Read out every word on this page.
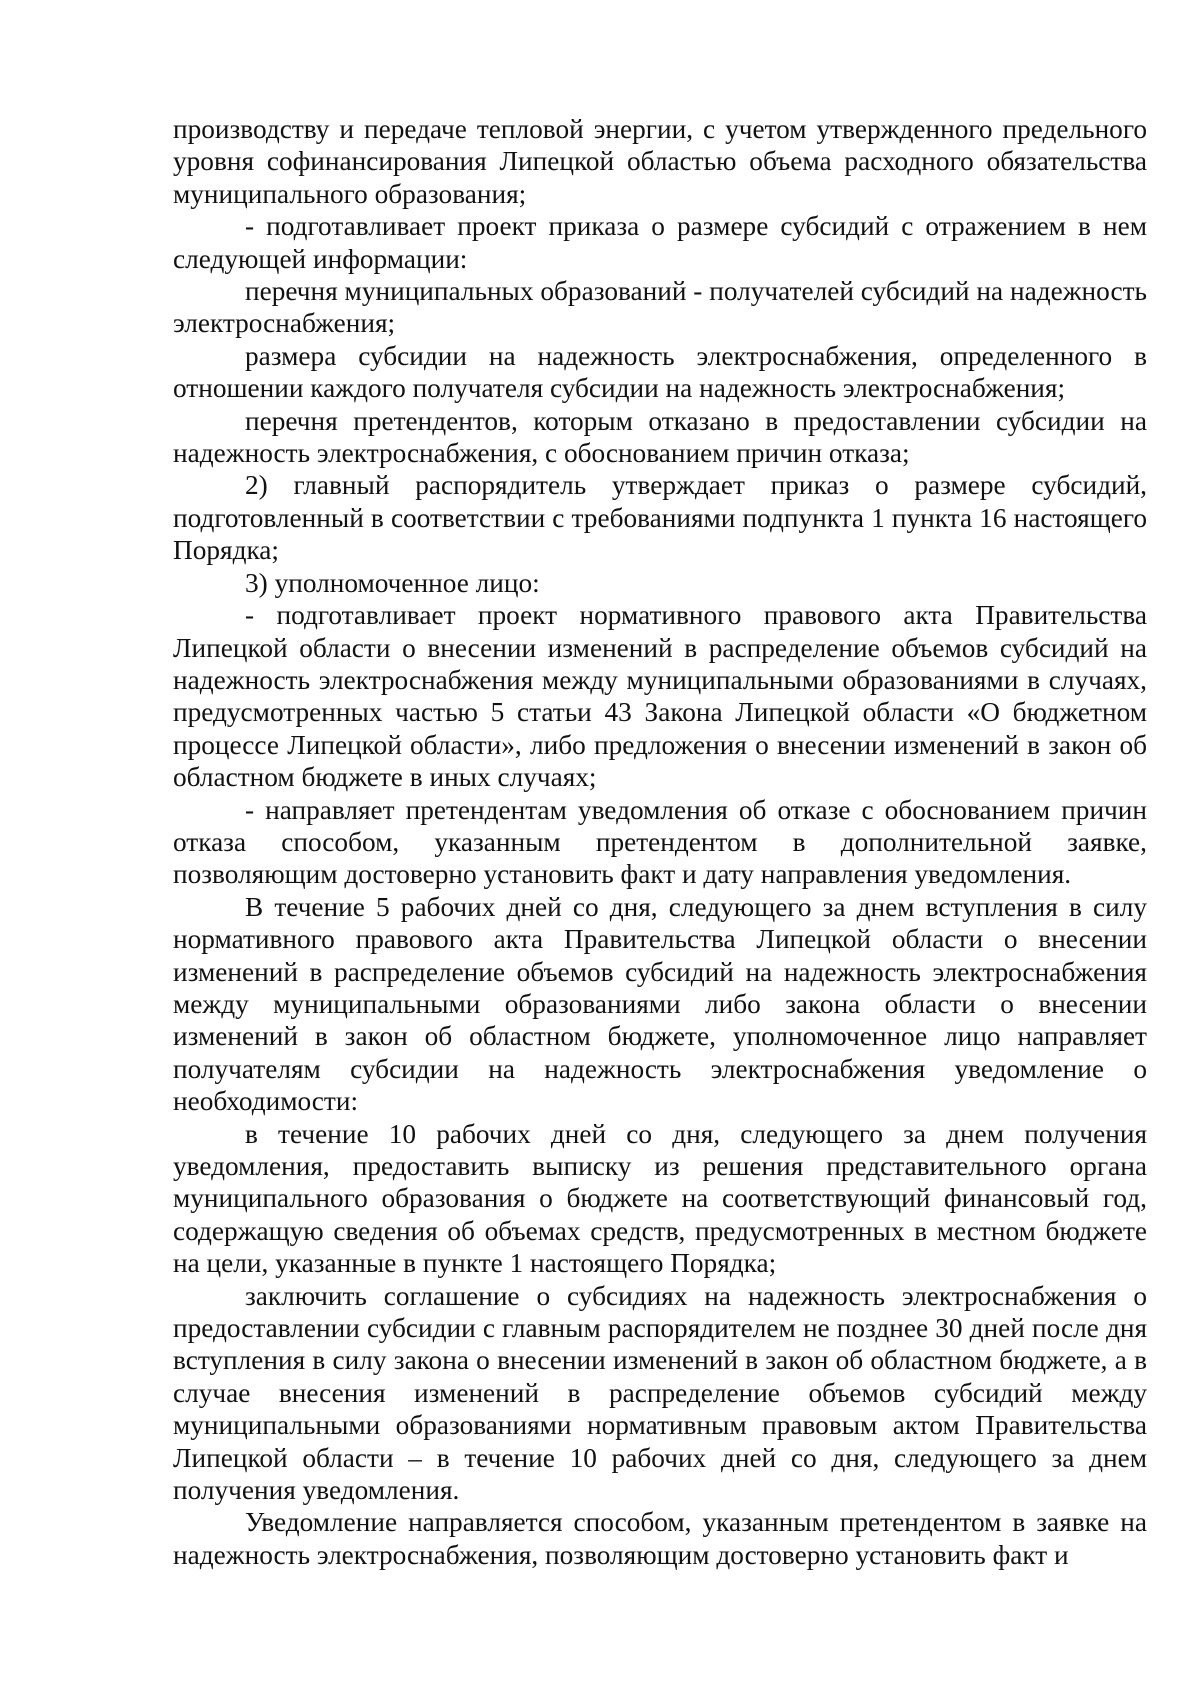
производству и передаче тепловой энергии, с учетом утвержденного предельного уровня софинансирования Липецкой областью объема расходного обязательства муниципального образования;

- подготавливает проект приказа о размере субсидий с отражением в нем следующей информации:

перечня муниципальных образований - получателей субсидий на надежность электроснабжения;

размера субсидии на надежность электроснабжения, определенного в отношении каждого получателя субсидии на надежность электроснабжения;

перечня претендентов, которым отказано в предоставлении субсидии на надежность электроснабжения, с обоснованием причин отказа;

2) главный распорядитель утверждает приказ о размере субсидий, подготовленный в соответствии с требованиями подпункта 1 пункта 16 настоящего Порядка;

3) уполномоченное лицо:

- подготавливает проект нормативного правового акта Правительства Липецкой области о внесении изменений в распределение объемов субсидий на надежность электроснабжения между муниципальными образованиями в случаях, предусмотренных частью 5 статьи 43 Закона Липецкой области «О бюджетном процессе Липецкой области», либо предложения о внесении изменений в закон об областном бюджете в иных случаях;

- направляет претендентам уведомления об отказе с обоснованием причин отказа способом, указанным претендентом в дополнительной заявке, позволяющим достоверно установить факт и дату направления уведомления.

В течение 5 рабочих дней со дня, следующего за днем вступления в силу нормативного правового акта Правительства Липецкой области о внесении изменений в распределение объемов субсидий на надежность электроснабжения между муниципальными образованиями либо закона области о внесении изменений в закон об областном бюджете, уполномоченное лицо направляет получателям субсидии на надежность электроснабжения уведомление о необходимости:

в течение 10 рабочих дней со дня, следующего за днем получения уведомления, предоставить выписку из решения представительного органа муниципального образования о бюджете на соответствующий финансовый год, содержащую сведения об объемах средств, предусмотренных в местном бюджете на цели, указанные в пункте 1 настоящего Порядка;

заключить соглашение о субсидиях на надежность электроснабжения о предоставлении субсидии с главным распорядителем не позднее 30 дней после дня вступления в силу закона о внесении изменений в закон об областном бюджете, а в случае внесения изменений в распределение объемов субсидий между муниципальными образованиями нормативным правовым актом Правительства Липецкой области – в течение 10 рабочих дней со дня, следующего за днем получения уведомления.

Уведомление направляется способом, указанным претендентом в заявке на надежность электроснабжения, позволяющим достоверно установить факт и
